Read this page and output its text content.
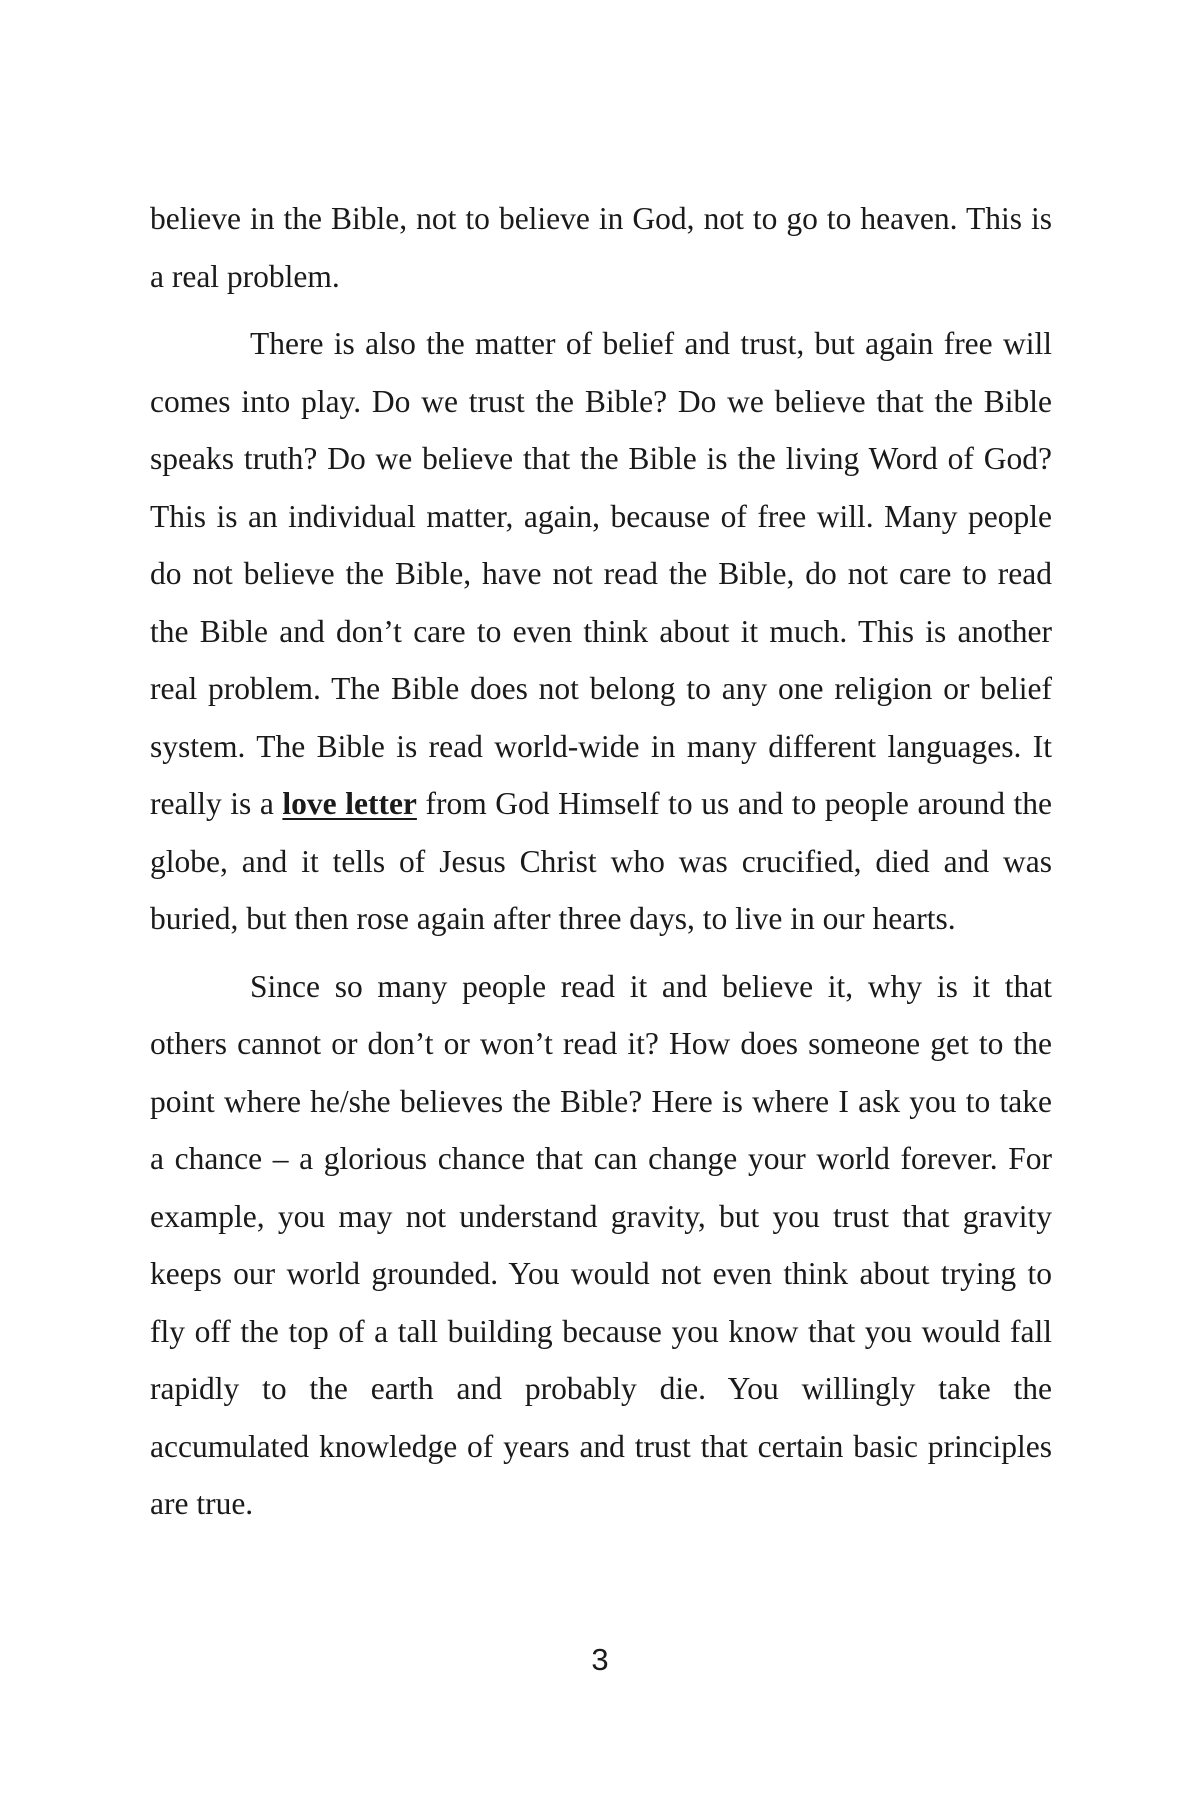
believe in the Bible, not to believe in God, not to go to heaven. This is a real problem.

There is also the matter of belief and trust, but again free will comes into play. Do we trust the Bible? Do we believe that the Bible speaks truth? Do we believe that the Bible is the living Word of God? This is an individual matter, again, because of free will. Many people do not believe the Bible, have not read the Bible, do not care to read the Bible and don’t care to even think about it much. This is another real problem. The Bible does not belong to any one religion or belief system. The Bible is read world-wide in many different languages. It really is a love letter from God Himself to us and to people around the globe, and it tells of Jesus Christ who was crucified, died and was buried, but then rose again after three days, to live in our hearts.

Since so many people read it and believe it, why is it that others cannot or don’t or won’t read it? How does someone get to the point where he/she believes the Bible? Here is where I ask you to take a chance – a glorious chance that can change your world forever. For example, you may not understand gravity, but you trust that gravity keeps our world grounded. You would not even think about trying to fly off the top of a tall building because you know that you would fall rapidly to the earth and probably die. You willingly take the accumulated knowledge of years and trust that certain basic principles are true.

3
